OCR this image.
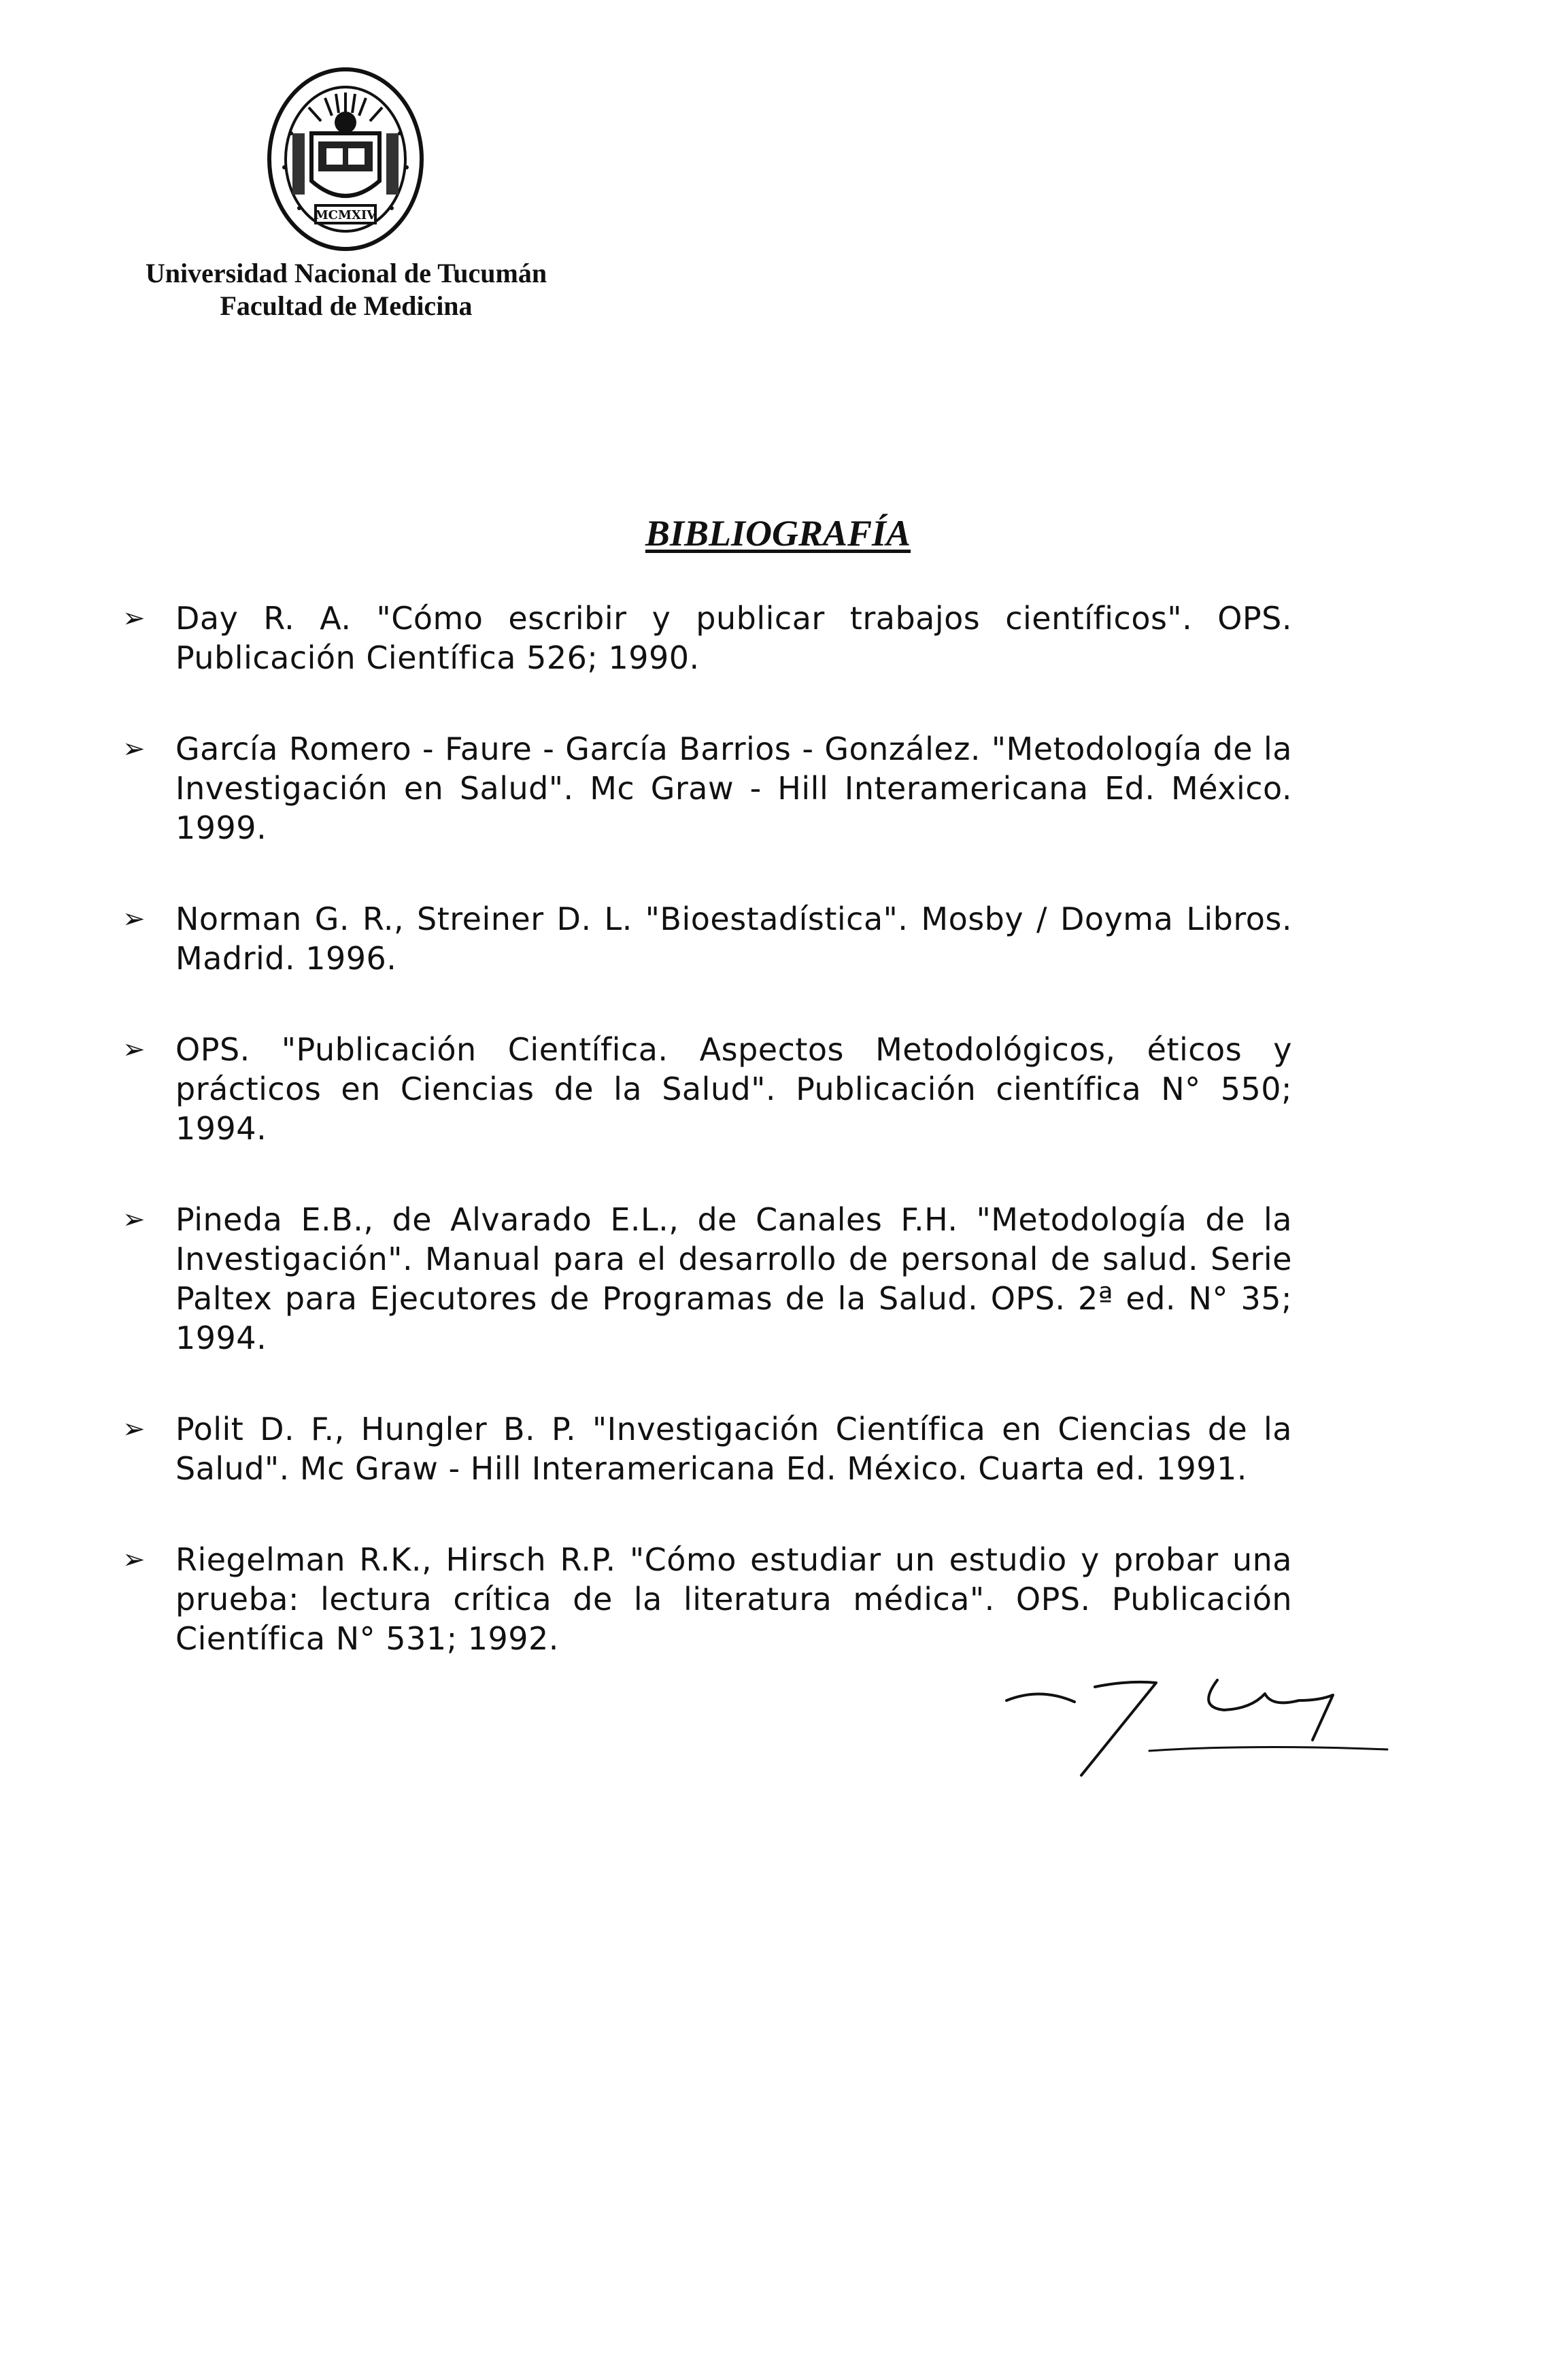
MCMXIV
Universidad Nacional de Tucumán
Facultad de Medicina
BIBLIOGRAFÍA
➢ Day R. A. "Cómo escribir y publicar trabajos científicos". OPS. Publicación Científica 526; 1990.
➢ García Romero - Faure - García Barrios - González. "Metodología de la Investigación en Salud". Mc Graw - Hill Interamericana Ed. México. 1999.
➢ Norman G. R., Streiner D. L. "Bioestadística". Mosby / Doyma Libros. Madrid. 1996.
➢ OPS. "Publicación Científica. Aspectos Metodológicos, éticos y prácticos en Ciencias de la Salud". Publicación científica N° 550; 1994.
➢ Pineda E.B., de Alvarado E.L., de Canales F.H. "Metodología de la Investigación". Manual para el desarrollo de personal de salud. Serie Paltex para Ejecutores de Programas de la Salud. OPS. 2ª ed. N° 35; 1994.
➢ Polit D. F., Hungler B. P. "Investigación Científica en Ciencias de la Salud". Mc Graw - Hill Interamericana Ed. México. Cuarta ed. 1991.
➢ Riegelman R.K., Hirsch R.P. "Cómo estudiar un estudio y probar una prueba: lectura crítica de la literatura médica". OPS. Publicación Científica N° 531; 1992.
